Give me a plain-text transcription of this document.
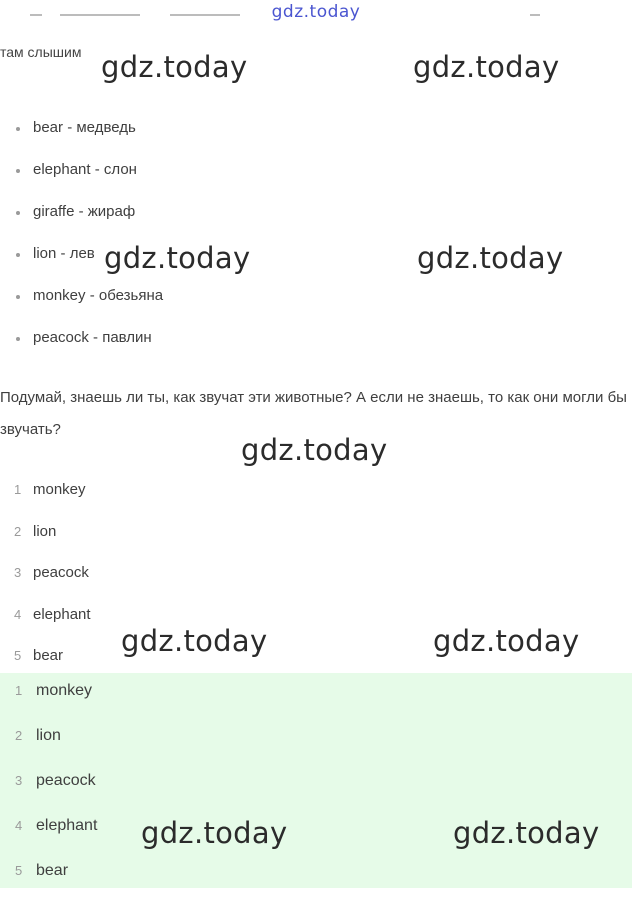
gdz.today
там слышим
bear - медведь
elephant - слон
giraffe - жираф
lion - лев
monkey - обезьяна
peacock - павлин
Подумай, знаешь ли ты, как звучат эти животные? А если не знаешь, то как они могли бы звучать?
1 monkey
2 lion
3 peacock
4 elephant
5 bear
1 monkey
2 lion
3 peacock
4 elephant
5 bear
gdz.today	gdz.today
gdz.today	gdz.today
gdz.today
gdz.today	gdz.today
gdz.today	gdz.today
